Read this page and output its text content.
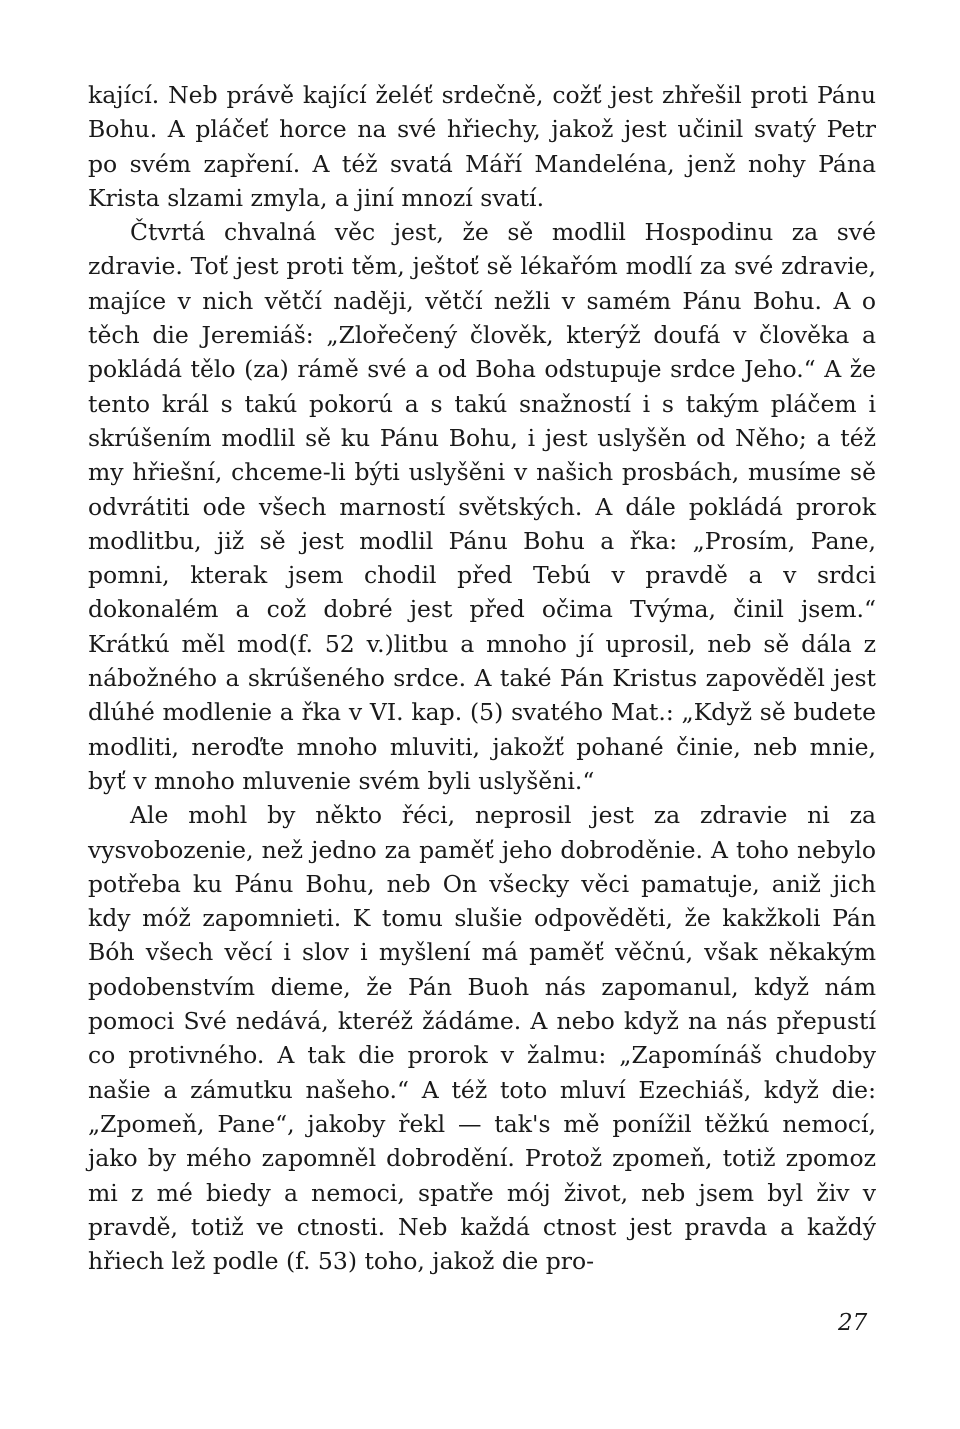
kající. Neb právě kající želéť srdečně, cožť jest zhřešil proti Pánu Bohu. A pláčeť horce na své hřiechy, jakož jest učinil svatý Petr po svém zapření. A též svatá Máří Mandeléna, jenž nohy Pána Krista slzami zmyla, a jiní mnozí svatí.

Čtvrtá chvalná věc jest, že sě modlil Hospodinu za své zdravie. Toť jest proti těm, ještoť sě lékařóm modlí za své zdravie, majíce v nich větčí naději, větčí nežli v samém Pánu Bohu. A o těch die Jeremiáš: „Zlořečený člověk, kterýž doufá v člověka a pokládá tělo (za) rámě své a od Boha odstupuje srdce Jeho.“ A že tento král s takú pokorú a s takú snažností i s takým pláčem i skrúšením modlil sě ku Pánu Bohu, i jest uslyšěn od Něho; a též my hřiešní, chceme-li býti uslyšěni v našich prosbách, musíme sě odvrátiti ode všech marností světských. A dále pokládá prorok modlitbu, již sě jest modlil Pánu Bohu a řka: „Prosím, Pane, pomni, kterak jsem chodil před Tebú v pravdě a v srdci dokonalém a což dobré jest před očima Tvýma, činil jsem.“ Krátkú měl mod(f. 52 v.)litbu a mnoho jí uprosil, neb sě dála z nábožného a skrúšeného srdce. A také Pán Kristus zapověděl jest dlúhé modlenie a řka v VI. kap. (5) svatého Mat.: „Když sě budete modliti, neroďte mnoho mluviti, jakožť pohané činie, neb mnie, byť v mnoho mluvenie svém byli uslyšěni.“

Ale mohl by někto řéci, neprosil jest za zdravie ni za vysvobozenie, než jedno za paměť jeho dobroděnie. A toho nebylo potřeba ku Pánu Bohu, neb On všecky věci pamatuje, aniž jich kdy móž zapomnieti. K tomu slušie odpověděti, že kakžkoli Pán Bóh všech věcí i slov i myšlení má paměť věčnú, však někakým podobenstvím dieme, že Pán Buoh nás zapomanul, když nám pomoci Své nedává, kteréž žádáme. A nebo když na nás přepustí co protivného. A tak die prorok v žalmu: „Zapomínáš chudoby našie a zámutku našeho.“ A též toto mluví Ezechiáš, když die: „Zpomeň, Pane“, jakoby řekl — tak's mě ponížil těžkú nemocí, jako by mého zapomněl dobrodění. Protož zpomeň, totiž zpomoz mi z mé biedy a nemoci, spatře mój život, neb jsem byl živ v pravdě, totiž ve ctnosti. Neb každá ctnost jest pravda a každý hřiech lež podle (f. 53) toho, jakož die pro-

27
